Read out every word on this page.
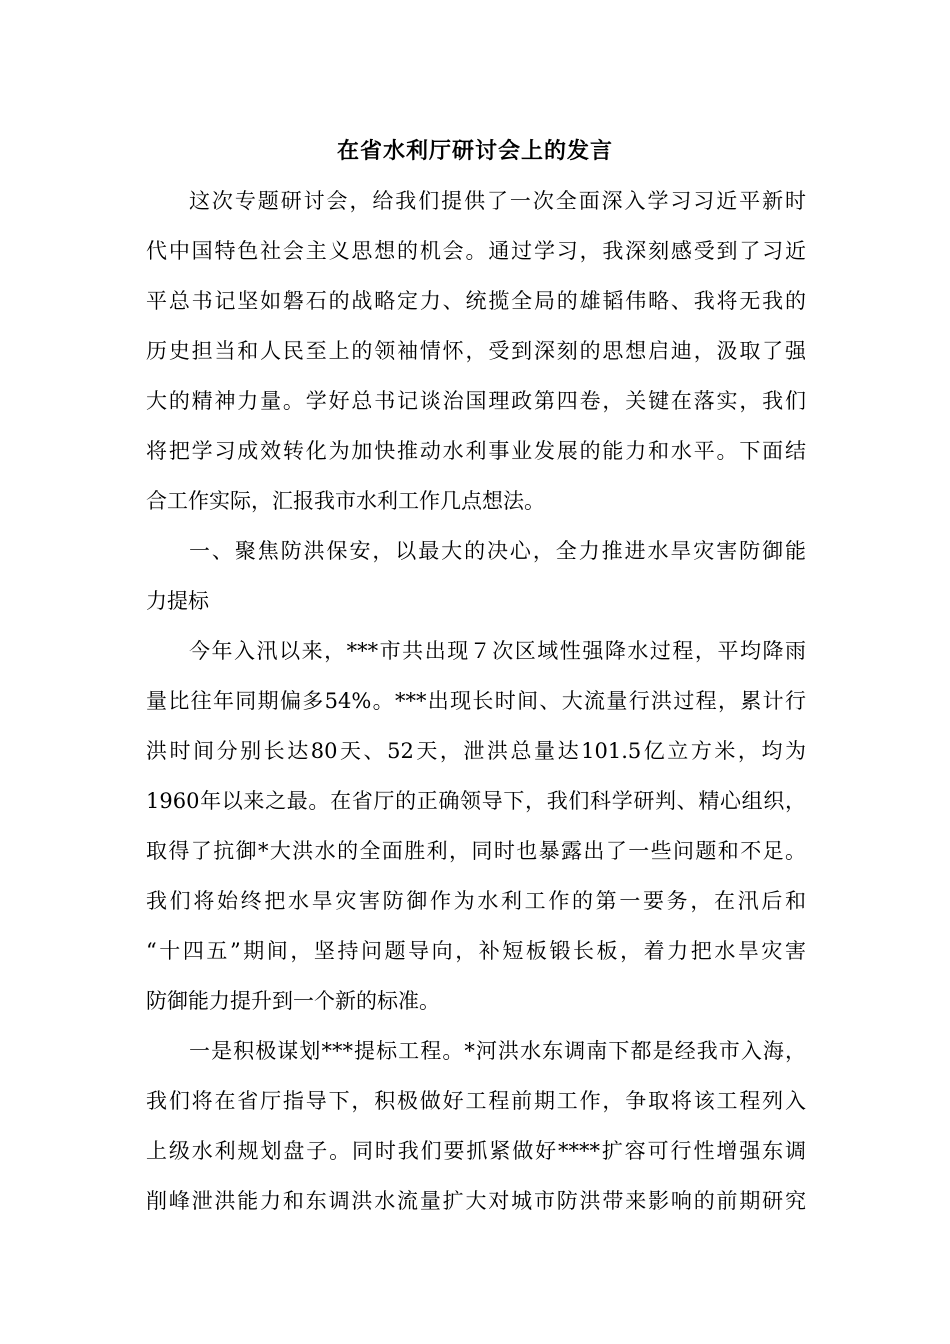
在省水利厅研讨会上的发言
这次专题研讨会，给我们提供了一次全面深入学习习近平新时
代中国特色社会主义思想的机会。通过学习，我深刻感受到了习近
平总书记坚如磐石的战略定力、统揽全局的雄韬伟略、我将无我的
历史担当和人民至上的领袖情怀，受到深刻的思想启迪，汲取了强
大的精神力量。学好总书记谈治国理政第四卷，关键在落实，我们
将把学习成效转化为加快推动水利事业发展的能力和水平。下面结
合工作实际，汇报我市水利工作几点想法。
一、聚焦防洪保安，以最大的决心，全力推进水旱灾害防御能
力提标
今年入汛以来，***市共出现７次区域性强降水过程，平均降雨
量比往年同期偏多54%。***出现长时间、大流量行洪过程，累计行
洪时间分别长达80天、52天，泄洪总量达101.5亿立方米，均为
1960年以来之最。在省厅的正确领导下，我们科学研判、精心组织，
取得了抗御*大洪水的全面胜利，同时也暴露出了一些问题和不足。
我们将始终把水旱灾害防御作为水利工作的第一要务，在汛后和
“十四五”期间，坚持问题导向，补短板锻长板，着力把水旱灾害
防御能力提升到一个新的标准。
一是积极谋划***提标工程。*河洪水东调南下都是经我市入海，
我们将在省厅指导下，积极做好工程前期工作，争取将该工程列入
上级水利规划盘子。同时我们要抓紧做好****扩容可行性增强东调
削峰泄洪能力和东调洪水流量扩大对城市防洪带来影响的前期研究
